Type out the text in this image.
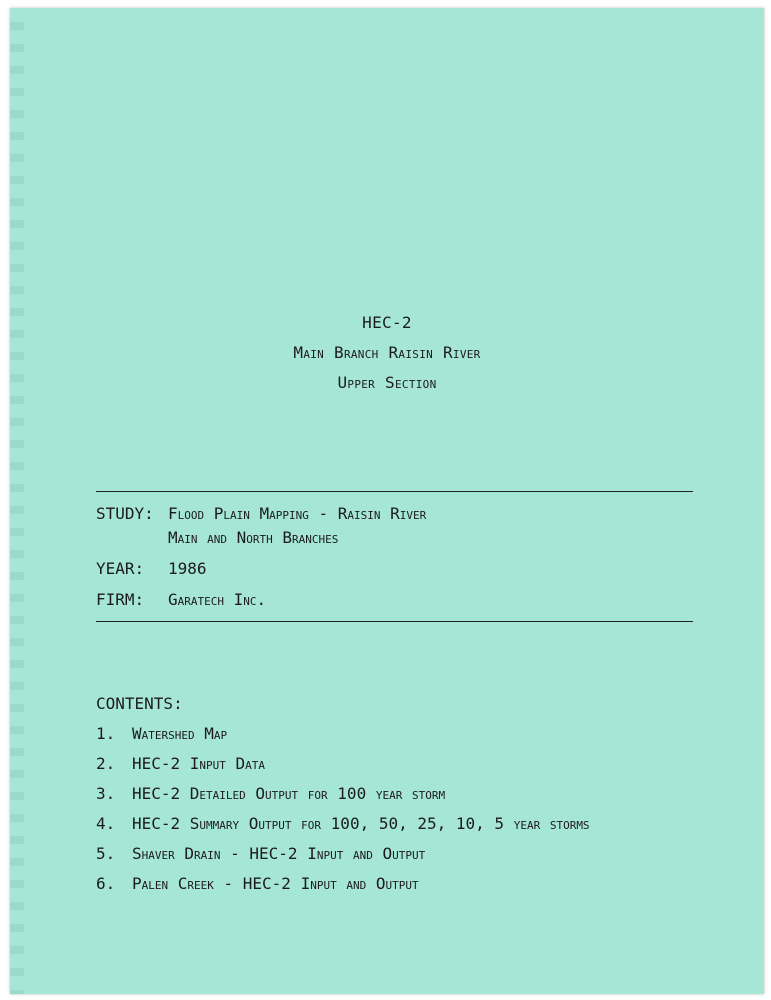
HEC-2
Main Branch Raisin River
Upper Section
STUDY: Flood Plain Mapping - Raisin River
Main and North Branches
YEAR:	1986
FIRM:	Garatech Inc.
CONTENTS:
1.	Watershed Map
2.	HEC-2 Input Data
3.	HEC-2 Detailed Output for 100 year storm
4.	HEC-2 Summary Output for 100, 50, 25, 10, 5 year storms
5.	Shaver Drain - HEC-2 Input and Output
6.	Palen Creek - HEC-2 Input and Output
